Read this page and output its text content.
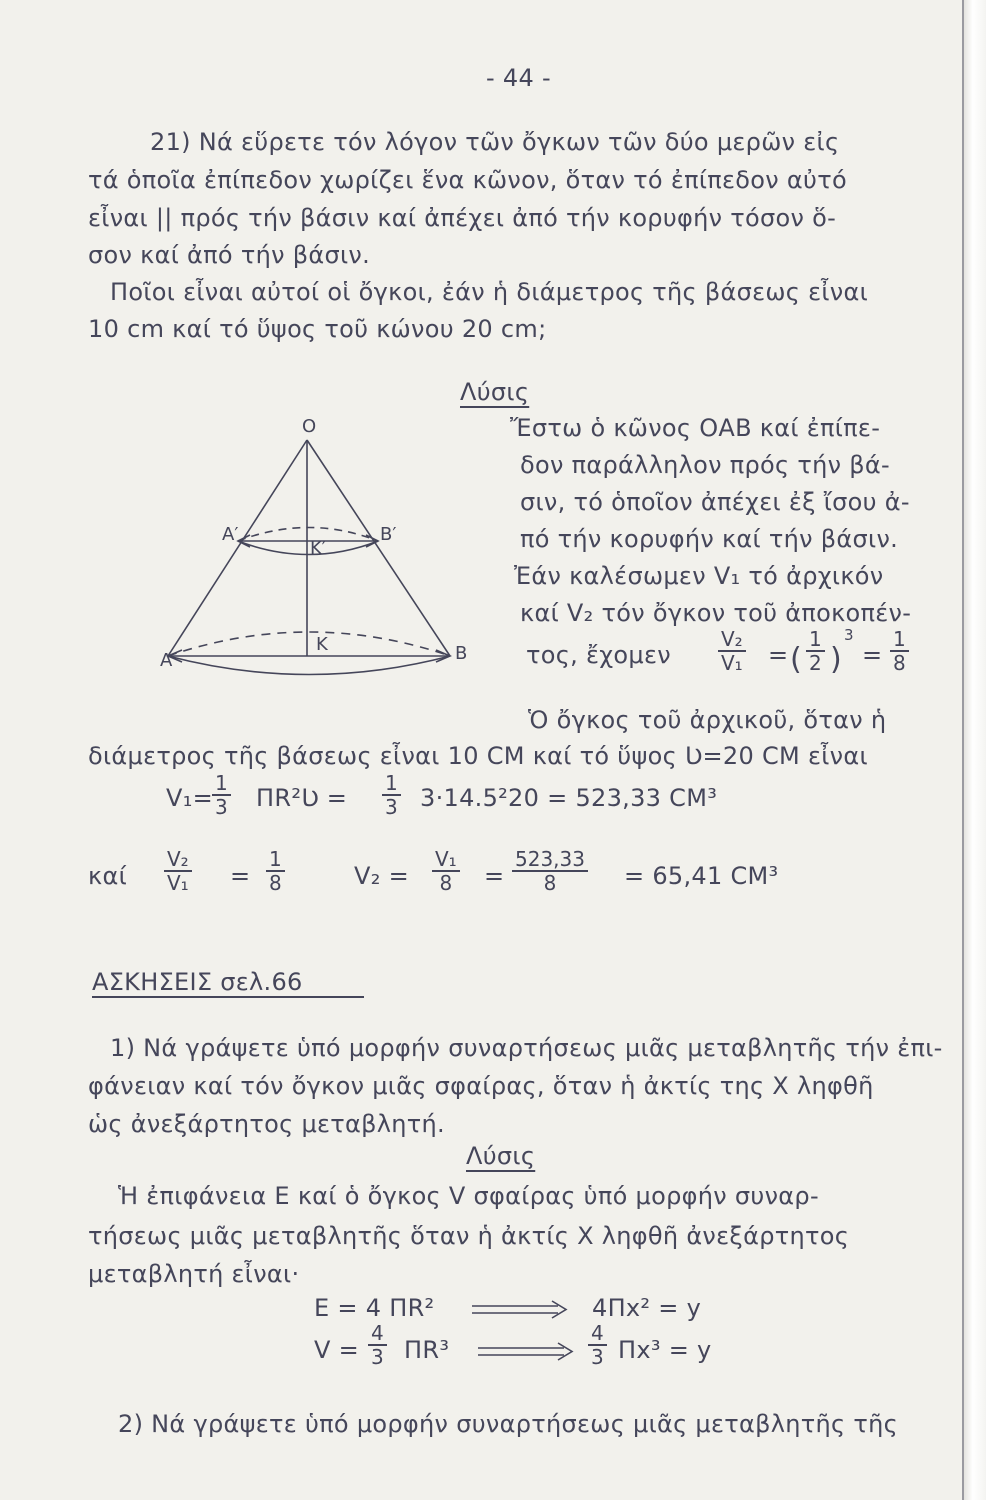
- 44 -
21) Νά εὕρετε τόν λόγον τῶν ὄγκων τῶν δύο μερῶν εἰς
τά ὁποῖα ἐπίπεδον χωρίζει ἕνα κῶνον, ὅταν τό ἐπίπεδον αὐτό
εἶναι || πρός τήν βάσιν καί ἀπέχει ἀπό τήν κορυφήν τόσον ὅ-
σον καί ἀπό τήν βάσιν.
Ποῖοι εἶναι αὐτοί οἱ ὄγκοι, ἐάν ἡ διάμετρος τῆς βάσεως εἶναι
10 cm καί τό ὕψος τοῦ κώνου 20 cm;
Λύσις
O
A	B
A′	B′
K
K′
Ἔστω ὁ κῶνος ΟΑΒ καί ἐπίπε-
δον παράλληλον πρός τήν βά-
σιν, τό ὁποῖον ἀπέχει ἐξ ἴσου ἀ-
πό τήν κορυφήν καί τήν βάσιν.
Ἐάν καλέσωμεν V₁ τό ἀρχικόν
καί V₂ τόν ὄγκον τοῦ ἀποκοπέν-
τος, ἔχομεν $\frac{\text{V₂}}{\text{V₁}}$ = ( $\frac{1}{2}$ )
3
= $\frac{1}{8}$
Ὁ ὄγκος τοῦ ἀρχικοῦ, ὅταν ἡ
διάμετρος τῆς βάσεως εἶναι 10 CM καί τό ὕψος Ʋ=20 CM εἶναι
V₁=
$\frac{1}{3}$ ΠR²Ʋ = $\frac{1}{3} 3\cdot 14.5^220 = 523,33$ CM³
καί $\frac{\text{V₂}}{\text{V₁}} = \frac{1}{8}$	$V_2 = \frac{\text{V₁}}{8} = \frac{523,33}{8} = 65,41$ CM³
ΑΣΚΗΣΕΙΣ σελ.66
1) Νά γράψετε ὑπό μορφήν συναρτήσεως μιᾶς μεταβλητῆς τήν ἐπι-
φάνειαν καί τόν ὄγκον μιᾶς σφαίρας, ὅταν ἡ ἀκτίς της X ληφθῆ
ὡς ἀνεξάρτητος μεταβλητή.
Λύσις
Ἡ ἐπιφάνεια Ε καί ὁ ὄγκος V σφαίρας ὑπό μορφήν συναρ-
τήσεως μιᾶς μεταβλητῆς ὅταν ἡ ἀκτίς X ληφθῆ ἀνεξάρτητος
μεταβλητή εἶναι·
Ε = 4 ΠR²	4Πx² = y
$V = \frac{4}{3} \Pi R^3$	$\frac{4}{3} \Pi x^3 = y$
2) Νά γράψετε ὑπό μορφήν συναρτήσεως μιᾶς μεταβλητῆς τῆς
